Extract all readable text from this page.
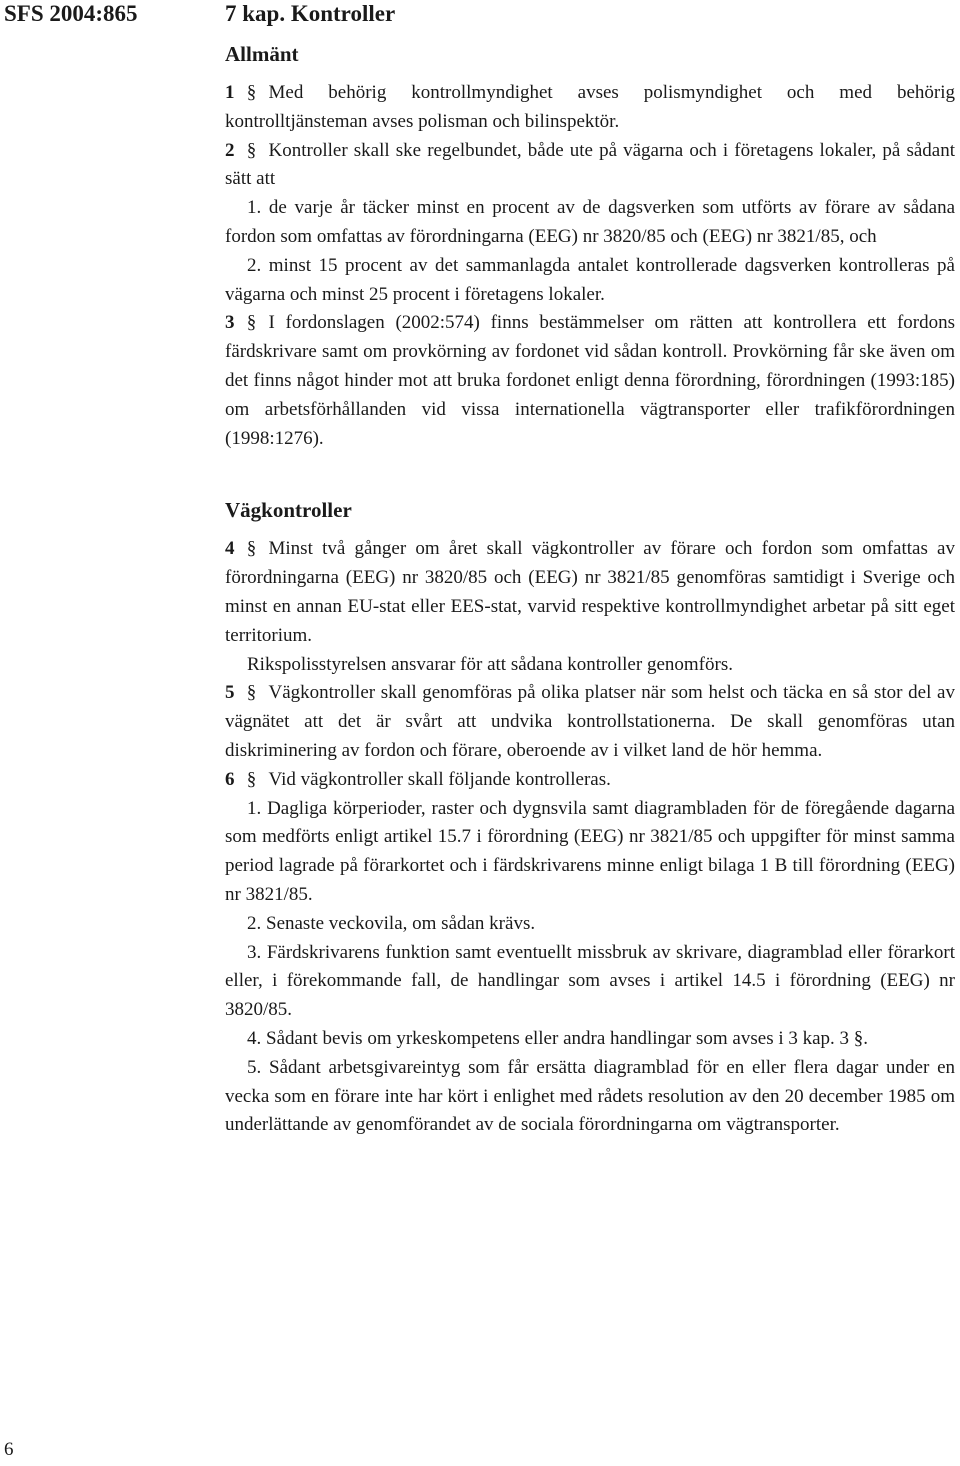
SFS 2004:865	7 kap. Kontroller
Allmänt

1 § Med behörig kontrollmyndighet avses polismyndighet och med behörig kontrolltjänsteman avses polisman och bilinspektör.

2 § Kontroller skall ske regelbundet, både ute på vägarna och i företagens lokaler, på sådant sätt att

1. de varje år täcker minst en procent av de dagsverken som utförts av förare av sådana fordon som omfattas av förordningarna (EEG) nr 3820/85 och (EEG) nr 3821/85, och

2. minst 15 procent av det sammanlagda antalet kontrollerade dagsverken kontrolleras på vägarna och minst 25 procent i företagens lokaler.

3 § I fordonslagen (2002:574) finns bestämmelser om rätten att kontrollera ett fordons färdskrivare samt om provkörning av fordonet vid sådan kontroll. Provkörning får ske även om det finns något hinder mot att bruka fordonet enligt denna förordning, förordningen (1993:185) om arbetsförhållanden vid vissa internationella vägtransporter eller trafikförordningen (1998:1276).

Vägkontroller

4 § Minst två gånger om året skall vägkontroller av förare och fordon som omfattas av förordningarna (EEG) nr 3820/85 och (EEG) nr 3821/85 genomföras samtidigt i Sverige och minst en annan EU-stat eller EES-stat, varvid respektive kontrollmyndighet arbetar på sitt eget territorium.

Rikspolisstyrelsen ansvarar för att sådana kontroller genomförs.

5 § Vägkontroller skall genomföras på olika platser när som helst och täcka en så stor del av vägnätet att det är svårt att undvika kontrollstationerna. De skall genomföras utan diskriminering av fordon och förare, oberoende av i vilket land de hör hemma.

6 § Vid vägkontroller skall följande kontrolleras.

1. Dagliga körperioder, raster och dygnsvila samt diagrambladen för de föregående dagarna som medförts enligt artikel 15.7 i förordning (EEG) nr 3821/85 och uppgifter för minst samma period lagrade på förarkortet och i färdskrivarens minne enligt bilaga 1 B till förordning (EEG) nr 3821/85.

2. Senaste veckovila, om sådan krävs.

3. Färdskrivarens funktion samt eventuellt missbruk av skrivare, diagramblad eller förarkort eller, i förekommande fall, de handlingar som avses i artikel 14.5 i förordning (EEG) nr 3820/85.

4. Sådant bevis om yrkeskompetens eller andra handlingar som avses i 3 kap. 3 §.

5. Sådant arbetsgivareintyg som får ersätta diagramblad för en eller flera dagar under en vecka som en förare inte har kört i enlighet med rådets resolution av den 20 december 1985 om underlättande av genomförandet av de sociala förordningarna om vägtransporter.

6
